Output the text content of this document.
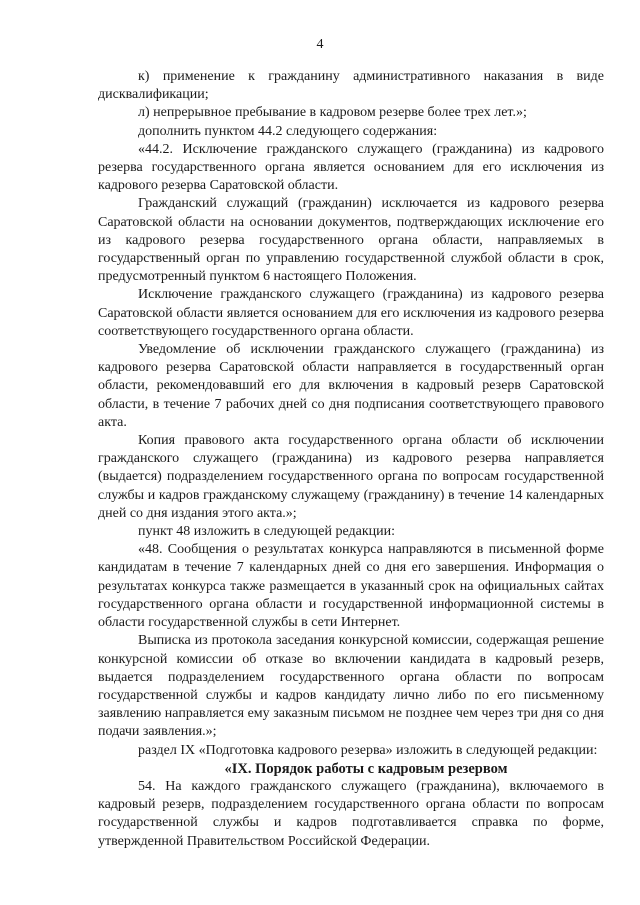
4

к) применение к гражданину административного наказания в виде дисквалификации;

л) непрерывное пребывание в кадровом резерве более трех лет.»;

дополнить пунктом 44.2 следующего содержания:

«44.2. Исключение гражданского служащего (гражданина) из кадрового резерва государственного органа является основанием для его исключения из кадрового резерва Саратовской области.

Гражданский служащий (гражданин) исключается из кадрового резерва Саратовской области на основании документов, подтверждающих исключение его из кадрового резерва государственного органа области, направляемых в государственный орган по управлению государственной службой области в срок, предусмотренный пунктом 6 настоящего Положения.

Исключение гражданского служащего (гражданина) из кадрового резерва Саратовской области является основанием для его исключения из кадрового резерва соответствующего государственного органа области.

Уведомление об исключении гражданского служащего (гражданина) из кадрового резерва Саратовской области направляется в государственный орган области, рекомендовавший его для включения в кадровый резерв Саратовской области, в течение 7 рабочих дней со дня подписания соответствующего правового акта.

Копия правового акта государственного органа области об исключении гражданского служащего (гражданина) из кадрового резерва направляется (выдается) подразделением государственного органа по вопросам государственной службы и кадров гражданскому служащему (гражданину) в течение 14 календарных дней со дня издания этого акта.»;

пункт 48 изложить в следующей редакции:

«48. Сообщения о результатах конкурса направляются в письменной форме кандидатам в течение 7 календарных дней со дня его завершения. Информация о результатах конкурса также размещается в указанный срок на официальных сайтах государственного органа области и государственной информационной системы в области государственной службы в сети Интернет.

Выписка из протокола заседания конкурсной комиссии, содержащая решение конкурсной комиссии об отказе во включении кандидата в кадровый резерв, выдается подразделением государственного органа области по вопросам государственной службы и кадров кандидату лично либо по его письменному заявлению направляется ему заказным письмом не позднее чем через три дня со дня подачи заявления.»;

раздел IX «Подготовка кадрового резерва» изложить в следующей редакции:

«IX. Порядок работы с кадровым резервом

54. На каждого гражданского служащего (гражданина), включаемого в кадровый резерв, подразделением государственного органа области по вопросам государственной службы и кадров подготавливается справка по форме, утвержденной Правительством Российской Федерации.
